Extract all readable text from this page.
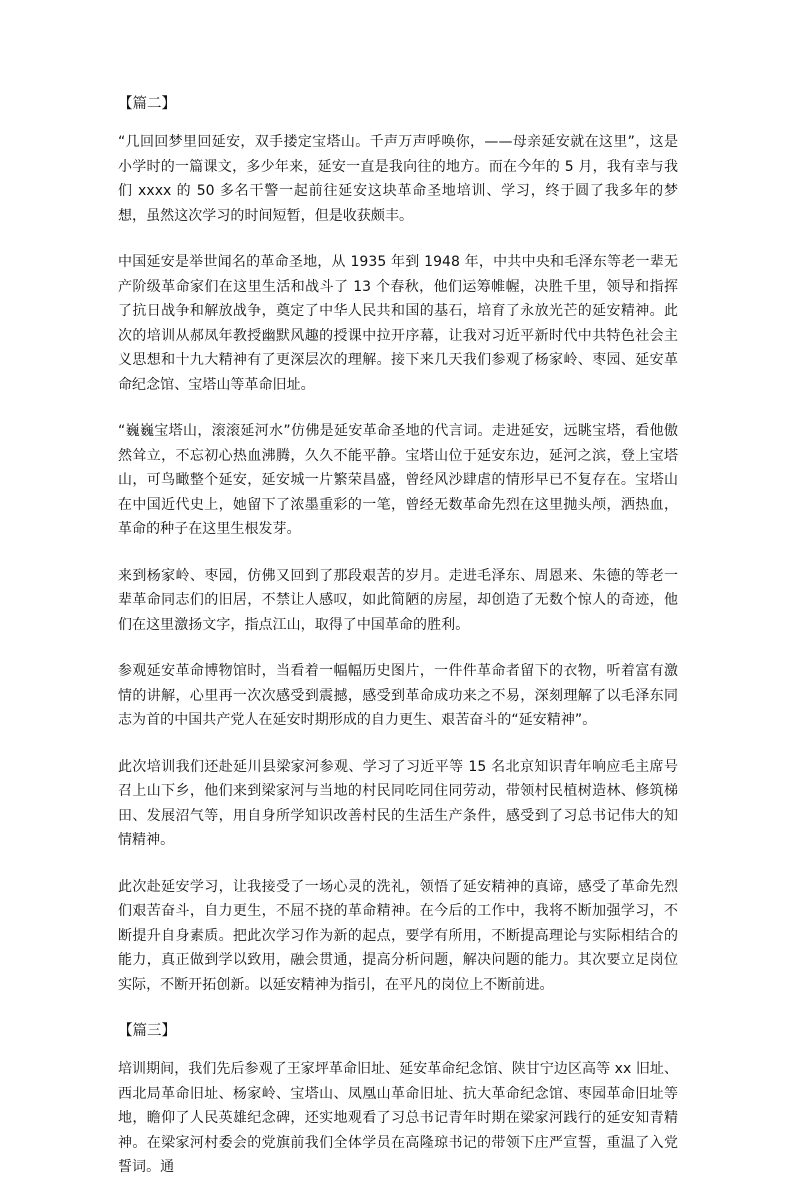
【篇二】

“几回回梦里回延安，双手搂定宝塔山。千声万声呼唤你，——母亲延安就在这里”，这是小学时的一篇课文，多少年来，延安一直是我向往的地方。而在今年的 5 月，我有幸与我们 xxxx 的 50 多名干警一起前往延安这块革命圣地培训、学习，终于圆了我多年的梦想，虽然这次学习的时间短暂，但是收获颇丰。

中国延安是举世闻名的革命圣地，从 1935 年到 1948 年，中共中央和毛泽东等老一辈无产阶级革命家们在这里生活和战斗了 13 个春秋，他们运筹帷幄，决胜千里，领导和指挥了抗日战争和解放战争，奠定了中华人民共和国的基石，培育了永放光芒的延安精神。此次的培训从郝凤年教授幽默风趣的授课中拉开序幕，让我对习近平新时代中共特色社会主义思想和十九大精神有了更深层次的理解。接下来几天我们参观了杨家岭、枣园、延安革命纪念馆、宝塔山等革命旧址。

“巍巍宝塔山，滚滚延河水”仿佛是延安革命圣地的代言词。走进延安，远眺宝塔，看他傲然耸立，不忘初心热血沸腾，久久不能平静。宝塔山位于延安东边，延河之滨，登上宝塔山，可鸟瞰整个延安，延安城一片繁荣昌盛，曾经风沙肆虐的情形早已不复存在。宝塔山在中国近代史上，她留下了浓墨重彩的一笔，曾经无数革命先烈在这里抛头颅，洒热血，革命的种子在这里生根发芽。

来到杨家岭、枣园，仿佛又回到了那段艰苦的岁月。走进毛泽东、周恩来、朱德的等老一辈革命同志们的旧居，不禁让人感叹，如此简陋的房屋，却创造了无数个惊人的奇迹，他们在这里激扬文字，指点江山，取得了中国革命的胜利。

参观延安革命博物馆时，当看着一幅幅历史图片，一件件革命者留下的衣物，听着富有激情的讲解，心里再一次次感受到震撼，感受到革命成功来之不易，深刻理解了以毛泽东同志为首的中国共产党人在延安时期形成的自力更生、艰苦奋斗的“延安精神”。

此次培训我们还赴延川县梁家河参观、学习了习近平等 15 名北京知识青年响应毛主席号召上山下乡，他们来到梁家河与当地的村民同吃同住同劳动，带领村民植树造林、修筑梯田、发展沼气等，用自身所学知识改善村民的生活生产条件，感受到了习总书记伟大的知情精神。

此次赴延安学习，让我接受了一场心灵的洗礼，领悟了延安精神的真谛，感受了革命先烈们艰苦奋斗，自力更生，不屈不挠的革命精神。在今后的工作中，我将不断加强学习，不断提升自身素质。把此次学习作为新的起点，要学有所用，不断提高理论与实际相结合的能力，真正做到学以致用，融会贯通，提高分析问题，解决问题的能力。其次要立足岗位实际，不断开拓创新。以延安精神为指引，在平凡的岗位上不断前进。

【篇三】

培训期间，我们先后参观了王家坪革命旧址、延安革命纪念馆、陕甘宁边区高等 xx 旧址、西北局革命旧址、杨家岭、宝塔山、凤凰山革命旧址、抗大革命纪念馆、枣园革命旧址等地，瞻仰了人民英雄纪念碑，还实地观看了习总书记青年时期在梁家河践行的延安知青精神。在梁家河村委会的党旗前我们全体学员在高隆琼书记的带领下庄严宣誓，重温了入党誓词。通
